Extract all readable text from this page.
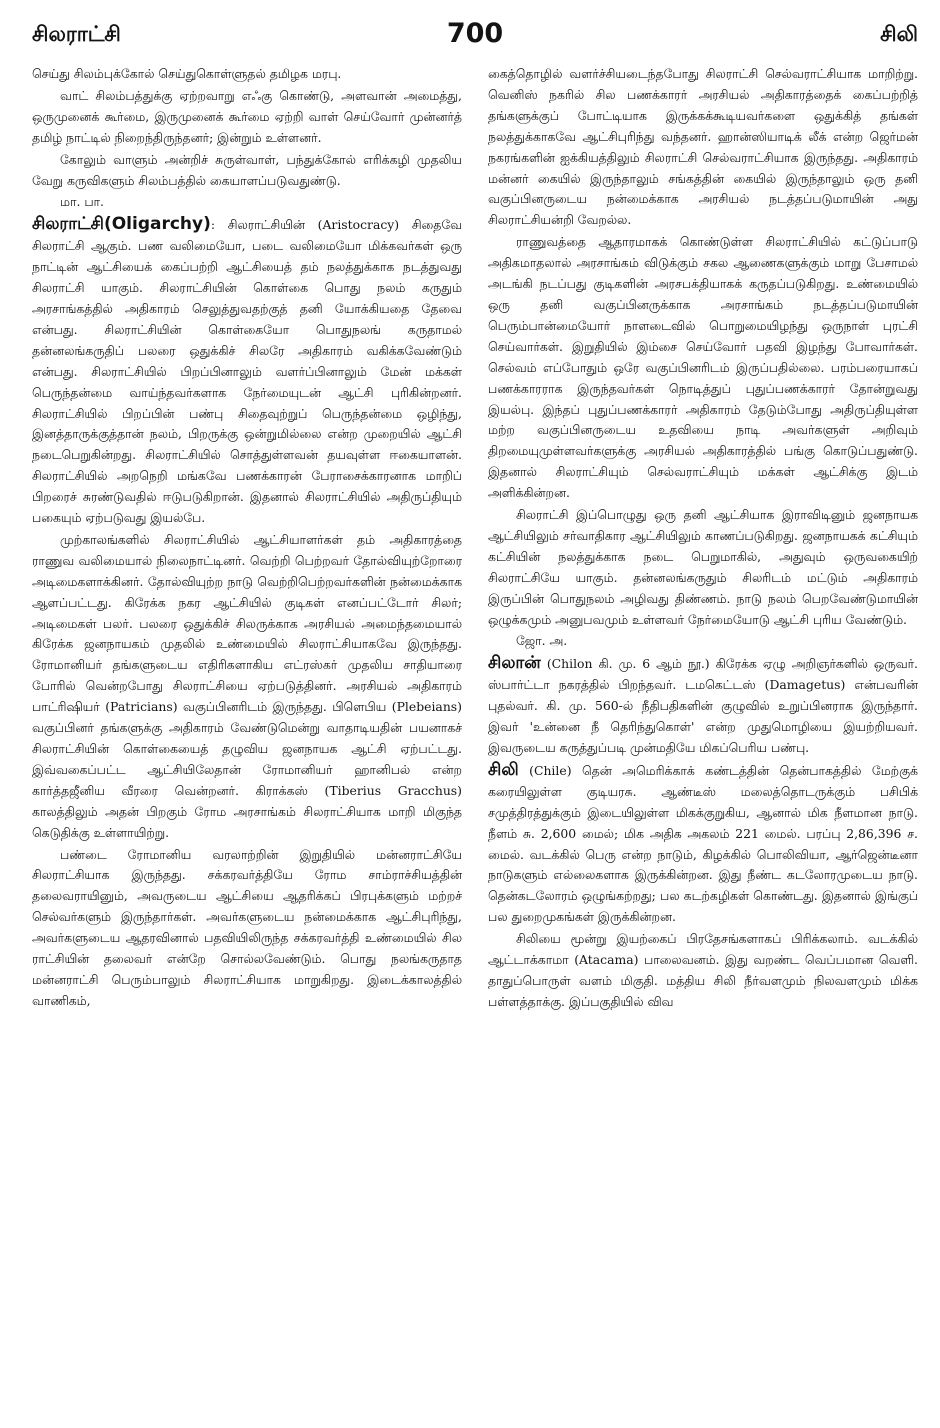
சிலராட்சி	700	சிலி

செய்து சிலம்புக்கோல் செய்துகொள்ளுதல் தமிழக மரபு.

வாட் சிலம்பத்துக்கு ஏற்றவாறு எஃகு கொண்டு, அளவான் அமைத்து, ஒருமுனைக் கூர்மை, இருமுனைக் கூர்மை ஏற்றி வாள் செய்வோர் முன்னர்த் தமிழ் நாட்டில் நிறைந்திருந்தனர்; இன்றும் உள்ளனர்.

கோலும் வாளும் அன்றிச் சுருள்வாள், பந்துக்கோல் எரிக்கழி முதலிய வேறு கருவிகளும் சிலம்பத்தில் கையாளப்படுவதுண்டு.

மா. பா.

சிலராட்சி(Oligarchy): சிலராட்சியின் (Aristocracy) சிதைவே சிலராட்சி ஆகும். பண வலிமையோ, படை வலிமையோ மிக்கவர்கள் ஒரு நாட்டின் ஆட்சியைக் கைப்பற்றி ஆட்சியைத் தம் நலத்துக்காக நடத்துவது சிலராட்சி யாகும். சிலராட்சியின் கொள்கை பொது நலம் கருதும் அரசாங்கத்தில் அதிகாரம் செலுத்துவதற்குத் தனி யோக்கியதை தேவை என்பது. சிலராட்சியின் கொள்கையோ பொதுநலங் கருதாமல் தன்னலங்கருதிப் பலரை ஒதுக்கிச் சிலரே அதிகாரம் வகிக்கவேண்டும் என்பது. சிலராட்சியில் பிறப்பினாலும் வளர்ப்பினாலும் மேன் மக்கள் பெருந்தன்மை வாய்ந்தவர்களாக நேர்மையுடன் ஆட்சி புரிகின்றனர். சிலராட்சியில் பிறப்பின் பண்பு சிதைவுற்றுப் பெருந்தன்மை ஒழிந்து, இனத்தாருக்குத்தான் நலம், பிறருக்கு ஒன்றுமில்லை என்ற முறையில் ஆட்சி நடைபெறுகின்றது. சிலராட்சியில் சொத்துள்ளவன் தயவுள்ள ஈகையாளன். சிலராட்சியில் அறநெறி மங்கவே பணக்காரன் பேராசைக்காரனாக மாறிப் பிறரைச் சுரண்டுவதில் ஈடுபடுகிறான். இதனால் சிலராட்சியில் அதிருப்தியும் பகையும் ஏற்படுவது இயல்பே.

முற்காலங்களில் சிலராட்சியில் ஆட்சியாளர்கள் தம் அதிகாரத்தை ராணுவ வலிமையால் நிலைநாட்டினர். வெற்றி பெற்றவர் தோல்வியுற்றோரை அடிமைகளாக்கினர். தோல்வியுற்ற நாடு வெற்றிபெற்றவர்களின் நன்மைக்காக ஆளப்பட்டது. கிரேக்க நகர ஆட்சியில் குடிகள் எனப்பட்டோர் சிலர்; அடிமைகள் பலர். பலரை ஒதுக்கிச் சிலருக்காக அரசியல் அமைந்தமையால் கிரேக்க ஜனநாயகம் முதலில் உண்மையில் சிலராட்சியாகவே இருந்தது. ரோமானியர் தங்களுடைய எதிரிகளாகிய எட்ரஸ்கர் முதலிய சாதியாரை போரில் வென்றபோது சிலராட்சியை ஏற்படுத்தினர். அரசியல் அதிகாரம் பாட்ரிஷியர் (Patricians) வகுப்பினரிடம் இருந்தது. பிளெபிய (Plebeians) வகுப்பினர் தங்களுக்கு அதிகாரம் வேண்டுமென்று வாதாடியதின் பயனாகச் சிலராட்சியின் கொள்கையைத் தழுவிய ஜனநாயக ஆட்சி ஏற்பட்டது. இவ்வகைப்பட்ட ஆட்சியிலேதான் ரோமானியர் ஹானிபல் என்ற கார்த்தஜீனிய வீரரை வென்றனர். கிராக்கஸ் (Tiberius Gracchus) காலத்திலும் அதன் பிறகும் ரோம அரசாங்கம் சிலராட்சியாக மாறி மிகுந்த கெடுதிக்கு உள்ளாயிற்று.

பண்டை ரோமானிய வரலாற்றின் இறுதியில் மன்னராட்சியே சிலராட்சியாக இருந்தது. சக்கரவர்த்தியே ரோம சாம்ராச்சியத்தின் தலைவராயினும், அவருடைய ஆட்சியை ஆதரிக்கப் பிரபுக்களும் மற்றச் செல்வர்களும் இருந்தார்கள். அவர்களுடைய நன்மைக்காக ஆட்சிபுரிந்து, அவர்களுடைய ஆதரவினால் பதவியிலிருந்த சக்கரவர்த்தி உண்மையில் சில ராட்சியின் தலைவர் என்றே சொல்லவேண்டும். பொது நலங்கருதாத மன்னராட்சி பெரும்பாலும் சிலராட்சியாக மாறுகிறது. இடைக்காலத்தில் வாணிகம்,

கைத்தொழில் வளர்ச்சியடைந்தபோது சிலராட்சி செல்வராட்சியாக மாறிற்று. வெனிஸ் நகரில் சில பணக்காரர் அரசியல் அதிகாரத்தைக் கைப்பற்றித் தங்களுக்குப் போட்டியாக இருக்கக்கூடியவர்களை ஒதுக்கித் தங்கள் நலத்துக்காகவே ஆட்சிபுரிந்து வந்தனர். ஹான்ஸியாடிக் லீக் என்ற ஜெர்மன் நகரங்களின் ஐக்கியத்திலும் சிலராட்சி செல்வராட்சியாக இருந்தது. அதிகாரம் மன்னர் கையில் இருந்தாலும் சங்கத்தின் கையில் இருந்தாலும் ஒரு தனி வகுப்பினருடைய நன்மைக்காக அரசியல் நடத்தப்படுமாயின் அது சிலராட்சியன்றி வேறல்ல.

ராணுவத்தை ஆதாரமாகக் கொண்டுள்ள சிலராட்சியில் கட்டுப்பாடு அதிகமாதலால் அரசாங்கம் விடுக்கும் சகல ஆணைகளுக்கும் மாறு பேசாமல் அடங்கி நடப்பது குடிகளின் அரசபக்தியாகக் கருதப்படுகிறது. உண்மையில் ஒரு தனி வகுப்பினருக்காக அரசாங்கம் நடத்தப்படுமாயின் பெரும்பான்மையோர் நாளடைவில் பொறுமையிழந்து ஒருநாள் புரட்சி செய்வார்கள். இறுதியில் இம்சை செய்வோர் பதவி இழந்து போவார்கள். செல்வம் எப்போதும் ஒரே வகுப்பினரிடம் இருப்பதில்லை. பரம்பரையாகப் பணக்காரராக இருந்தவர்கள் நொடித்துப் புதுப்பணக்காரர் தோன்றுவது இயல்பு. இந்தப் புதுப்பணக்காரர் அதிகாரம் தேடும்போது அதிருப்தியுள்ள மற்ற வகுப்பினருடைய உதவியை நாடி அவர்களுள் அறிவும் திறமையுமுள்ளவர்களுக்கு அரசியல் அதிகாரத்தில் பங்கு கொடுப்பதுண்டு. இதனால் சிலராட்சியும் செல்வராட்சியும் மக்கள் ஆட்சிக்கு இடம் அளிக்கின்றன.

சிலராட்சி இப்பொழுது ஒரு தனி ஆட்சியாக இராவிடினும் ஜனநாயக ஆட்சியிலும் சர்வாதிகார ஆட்சியிலும் காணப்படுகிறது. ஜனநாயகக் கட்சியும் கட்சியின் நலத்துக்காக நடை பெறுமாகில், அதுவும் ஒருவகையிற் சிலராட்சியே யாகும். தன்னலங்கருதும் சிலரிடம் மட்டும் அதிகாரம் இருப்பின் பொதுநலம் அழிவது திண்ணம். நாடு நலம் பெறவேண்டுமாயின் ஒழுக்கமும் அனுபவமும் உள்ளவர் நேர்மையோடு ஆட்சி புரிய வேண்டும்.

ஜோ. அ.

சிலான் (Chilon கி. மு. 6 ஆம் நூ.) கிரேக்க ஏழு அறிஞர்களில் ஒருவர். ஸ்பார்ட்டா நகரத்தில் பிறந்தவர். டமகெட்டஸ் (Damagetus) என்பவரின் புதல்வர். கி. மு. 560-ல் நீதிபதிகளின் குழுவில் உறுப்பினராக இருந்தார். இவர் 'உன்னை நீ தெரிந்துகொள்' என்ற முதுமொழியை இயற்றியவர். இவருடைய கருத்துப்படி முன்மதியே மிகப்பெரிய பண்பு.

சிலி (Chile) தென் அமெரிக்காக் கண்டத்தின் தென்பாகத்தில் மேற்குக் கரையிலுள்ள குடியரசு. ஆண்டீஸ் மலைத்தொடருக்கும் பசிபிக் சமுத்திரத்துக்கும் இடையிலுள்ள மிகக்குறுகிய, ஆனால் மிக நீளமான நாடு. நீளம் சு. 2,600 மைல்; மிக அதிக அகலம் 221 மைல். பரப்பு 2,86,396 ச. மைல். வடக்கில் பெரு என்ற நாடும், கிழக்கில் பொலிவியா, ஆர்ஜென்டீனா நாடுகளும் எல்லைகளாக இருக்கின்றன. இது நீண்ட கடலோரமுடைய நாடு. தென்கடலோரம் ஒழுங்கற்றது; பல கடற்கழிகள் கொண்டது. இதனால் இங்குப் பல துறைமுகங்கள் இருக்கின்றன.

சிலியை மூன்று இயற்கைப் பிரதேசங்களாகப் பிரிக்கலாம். வடக்கில் ஆட்டாக்காமா (Atacama) பாலைவனம். இது வறண்ட வெப்பமான வெளி. தாதுப்பொருள் வளம் மிகுதி. மத்திய சிலி நீர்வளமும் நிலவளமும் மிக்க பள்ளத்தாக்கு. இப்பகுதியில் விவ
